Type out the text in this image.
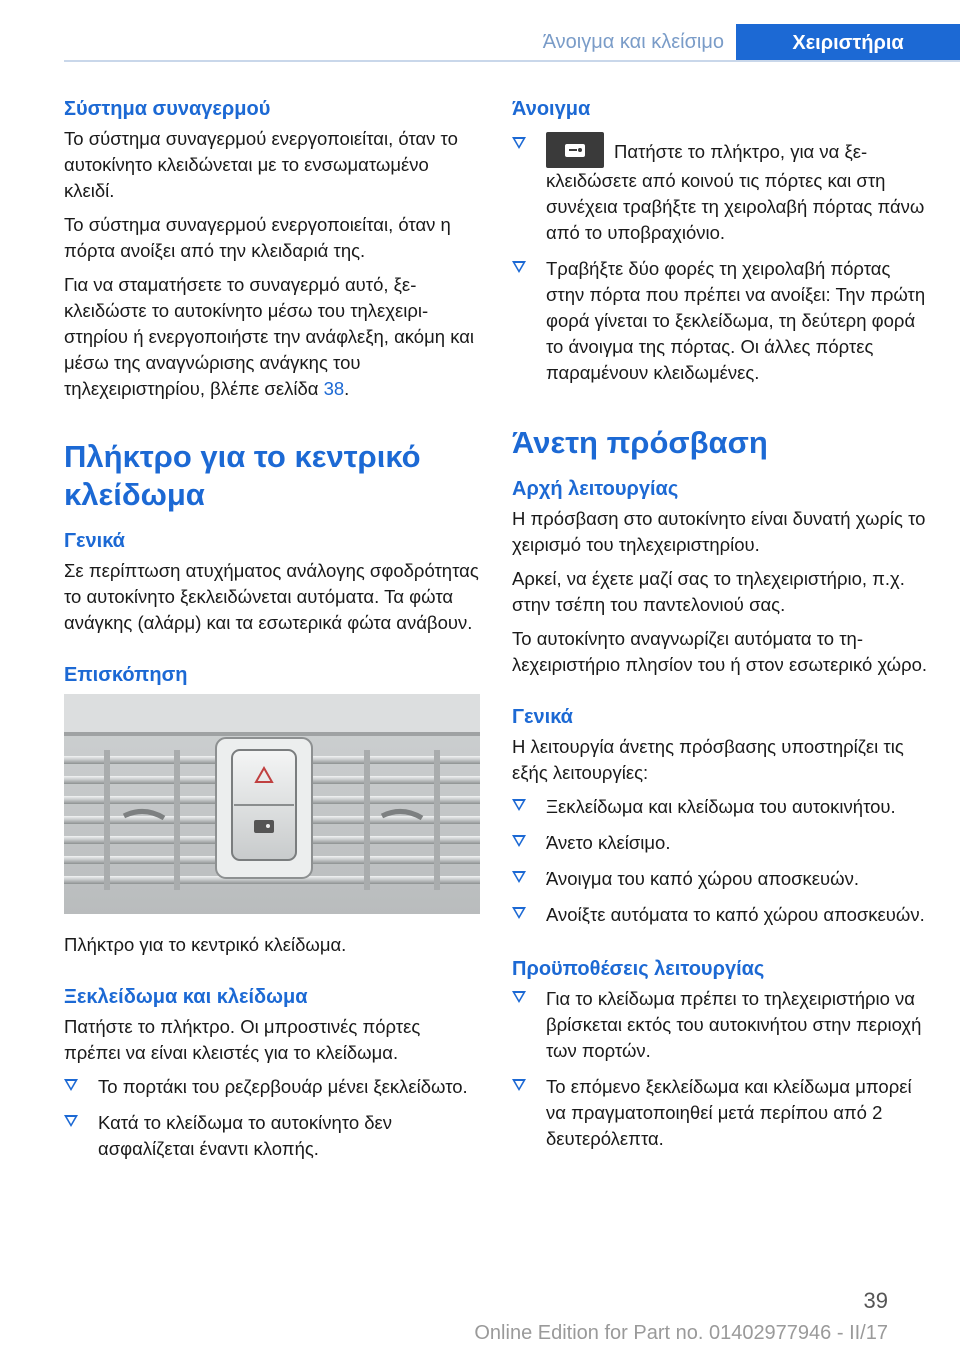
Άνοιγμα και κλείσιμο	Χειριστήρια
Σύστημα συναγερμού

Το σύστημα συναγερμού ενεργοποιείται, όταν το αυτοκίνητο κλειδώνεται με το ενσωματωμένο κλειδί.

Το σύστημα συναγερμού ενεργοποιείται, όταν η πόρτα ανοίξει από την κλειδαριά της.

Για να σταματήσετε το συναγερμό αυτό, ξεκλειδώστε το αυτοκίνητο μέσω του τηλεχειριστηρίου ή ενεργοποιήστε την ανάφλεξη, ακόμη και μέσω της αναγνώρισης ανάγκης του τηλεχειριστηρίου, βλέπε σελίδα 38.

Πλήκτρο για το κεντρικό κλείδωμα
Γενικά

Σε περίπτωση ατυχήματος ανάλογης σφοδρότητας το αυτοκίνητο ξεκλειδώνεται αυτόματα. Τα φώτα ανάγκης (αλάρμ) και τα εσωτερικά φώτα ανάβουν.

Επισκόπηση

Πλήκτρο για το κεντρικό κλείδωμα.

Ξεκλείδωμα και κλείδωμα

Πατήστε το πλήκτρο. Οι μπροστινές πόρτες πρέπει να είναι κλειστές για το κλείδωμα.

Το πορτάκι του ρεζερβουάρ μένει ξεκλείδωτο.
Κατά το κλείδωμα το αυτοκίνητο δεν ασφαλίζεται έναντι κλοπής.
Άνοιγμα
Πατήστε το πλήκτρο, για να ξεκλειδώσετε από κοινού τις πόρτες και στη συνέχεια τραβήξτε τη χειρολαβή πόρτας πάνω από το υποβραχιόνιο.
Τραβήξτε δύο φορές τη χειρολαβή πόρτας στην πόρτα που πρέπει να ανοίξει: Την πρώτη φορά γίνεται το ξεκλείδωμα, τη δεύτερη φορά το άνοιγμα της πόρτας. Οι άλλες πόρτες παραμένουν κλειδωμένες.
Άνετη πρόσβαση
Αρχή λειτουργίας

Η πρόσβαση στο αυτοκίνητο είναι δυνατή χωρίς το χειρισμό του τηλεχειριστηρίου.

Αρκεί, να έχετε μαζί σας το τηλεχειριστήριο, π.χ. στην τσέπη του παντελονιού σας.

Το αυτοκίνητο αναγνωρίζει αυτόματα το τηλεχειριστήριο πλησίον του ή στον εσωτερικό χώρο.

Γενικά

Η λειτουργία άνετης πρόσβασης υποστηρίζει τις εξής λειτουργίες:

Ξεκλείδωμα και κλείδωμα του αυτοκινήτου.
Άνετο κλείσιμο.
Άνοιγμα του καπό χώρου αποσκευών.
Ανοίξτε αυτόματα το καπό χώρου αποσκευών.
Προϋποθέσεις λειτουργίας
Για το κλείδωμα πρέπει το τηλεχειριστήριο να βρίσκεται εκτός του αυτοκινήτου στην περιοχή των πορτών.
Το επόμενο ξεκλείδωμα και κλείδωμα μπορεί να πραγματοποιηθεί μετά περίπου από 2 δευτερόλεπτα.
39
Online Edition for Part no. 01402977946 - II/17
